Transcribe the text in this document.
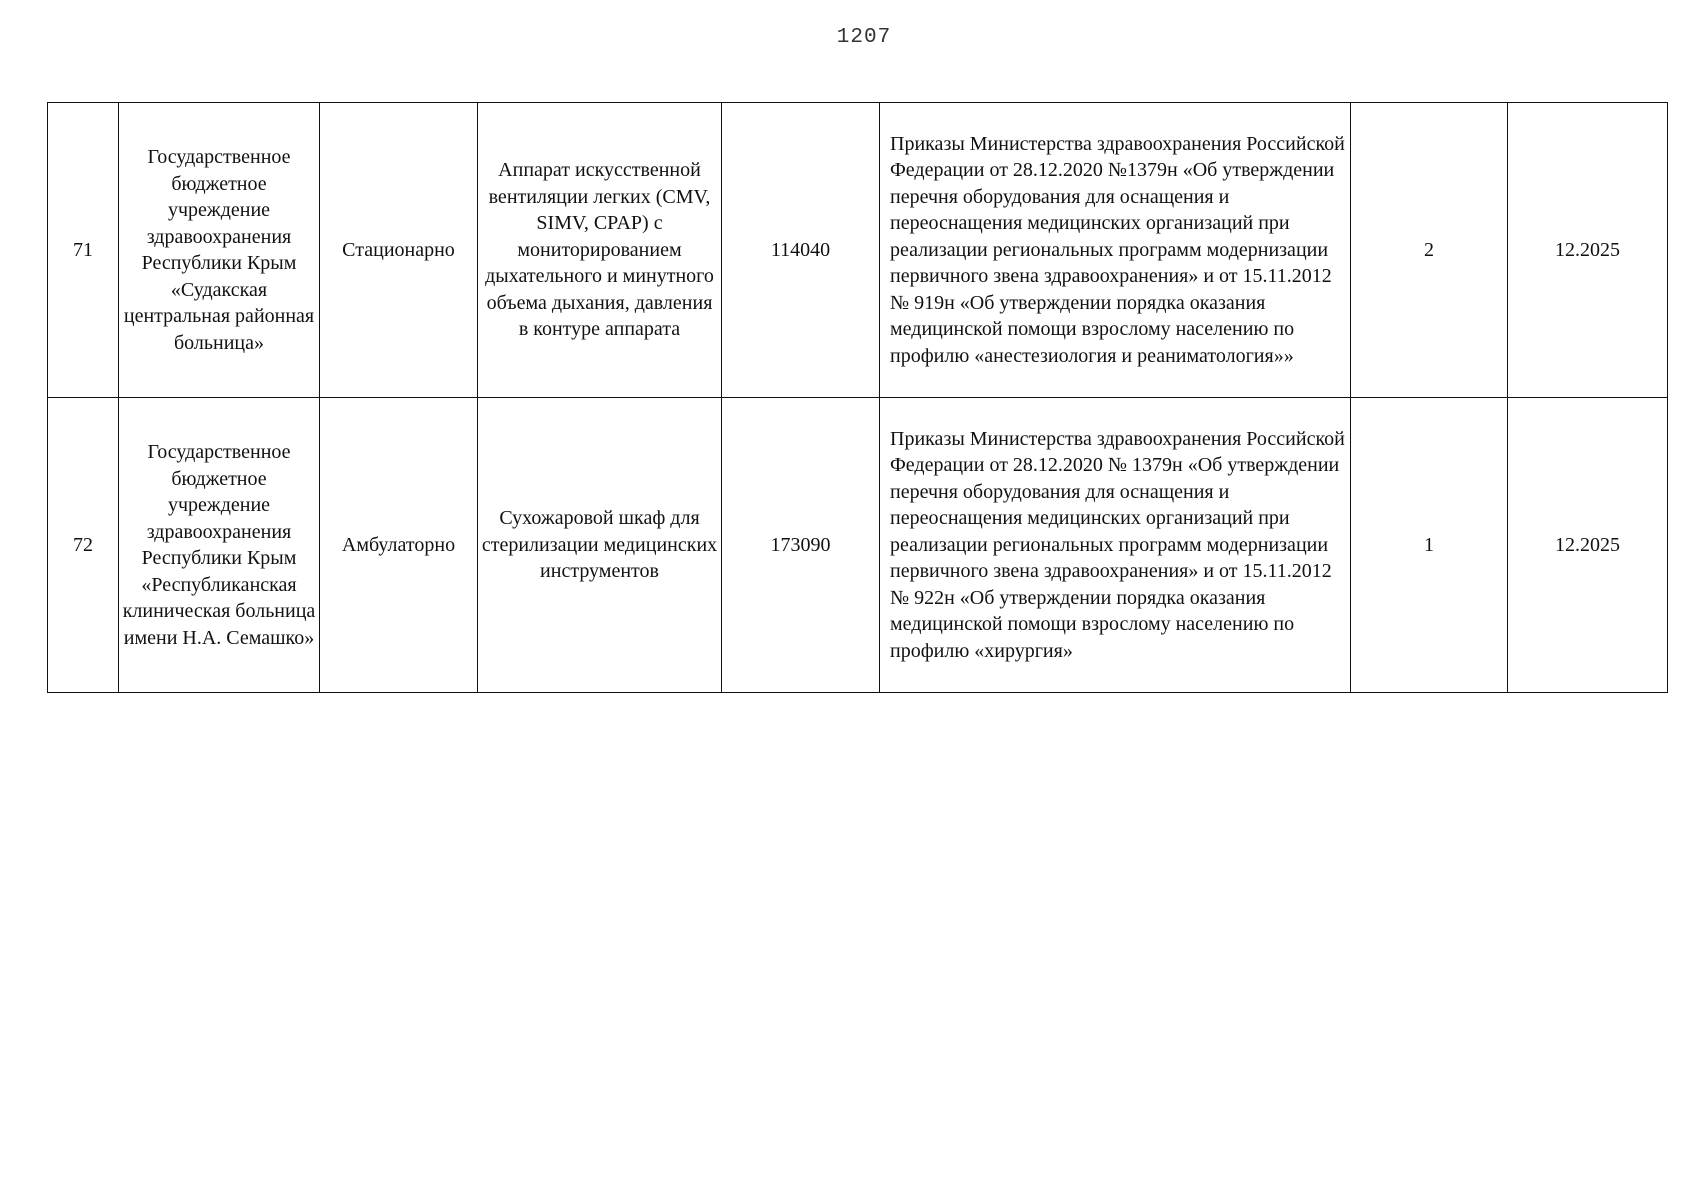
1207
71	Государственное бюджетное учреждение здравоохранения Республики Крым «Судакская центральная районная больница»	Стационарно	Аппарат искусственной вентиляции легких (CMV, SIMV, CPAP) с мониторированием дыхательного и минутного объема дыхания, давления в контуре аппарата	114040	Приказы Министерства здравоохранения Российской Федерации от 28.12.2020 №1379н «Об утверждении перечня оборудования для оснащения и переоснащения медицинских организаций при реализации региональных программ модернизации первичного звена здравоохранения» и от 15.11.2012 № 919н «Об утверждении порядка оказания медицинской помощи взрослому населению по профилю «анестезиология и реаниматология»»	2	12.2025
72	Государственное бюджетное учреждение здравоохранения Республики Крым «Республиканская клиническая больница имени Н.А. Семашко»	Амбулаторно	Сухожаровой шкаф для стерилизации медицинских инструментов	173090	Приказы Министерства здравоохранения Российской Федерации от 28.12.2020 № 1379н «Об утверждении перечня оборудования для оснащения и переоснащения медицинских организаций при реализации региональных программ модернизации первичного звена здравоохранения» и от 15.11.2012 № 922н «Об утверждении порядка оказания медицинской помощи взрослому населению по профилю «хирургия»	1	12.2025
